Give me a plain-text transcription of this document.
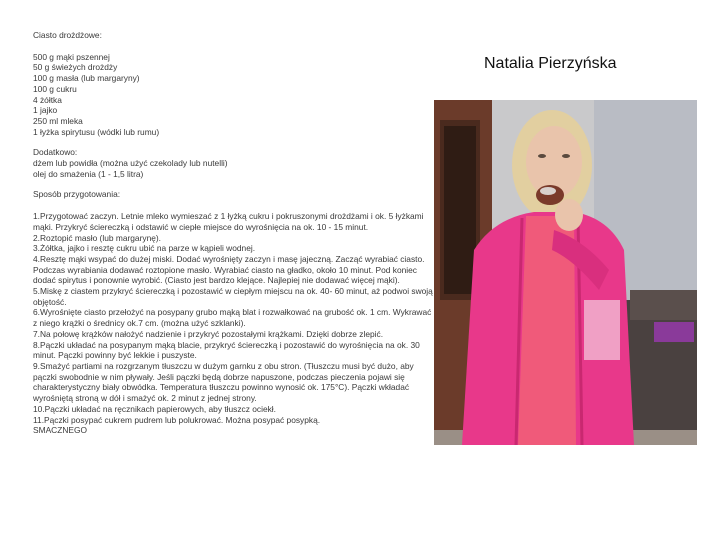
Ciasto drożdżowe:
500 g mąki pszennej
50 g świeżych drożdży
100 g masła (lub margaryny)
100 g cukru
4 żółtka
1 jajko
250 ml mleka
1 łyżka spirytusu (wódki lub rumu)
Dodatkowo:
dżem lub powidła (można użyć czekolady lub nutelli)
olej do smażenia (1 - 1,5 litra)
Sposób przygotowania:
1.Przygotować zaczyn. Letnie mleko wymieszać z 1 łyżką cukru i pokruszonymi drożdżami i ok. 5 łyżkami mąki. Przykryć ściereczką i odstawić w ciepłe miejsce do wyrośnięcia na ok. 10 - 15 minut.
2.Roztopić masło (lub margarynę).
3.Żółtka, jajko i resztę cukru ubić na parze w kąpieli wodnej.
4.Resztę mąki wsypać do dużej miski. Dodać wyrośnięty zaczyn i masę jajeczną. Zacząć wyrabiać ciasto. Podczas wyrabiania dodawać roztopione masło. Wyrabiać ciasto na gładko, około 10 minut. Pod koniec dodać spirytus i ponownie wyrobić. (Ciasto jest bardzo klejące. Najlepiej nie dodawać więcej mąki).
5.Miskę z ciastem przykryć ściereczką i pozostawić w ciepłym miejscu na ok. 40- 60 minut, aż podwoi swoją objętość.
6.Wyrośnięte ciasto przełożyć na posypany grubo mąką blat i rozwałkować na grubość ok. 1 cm. Wykrawać z niego krążki o średnicy ok.7 cm. (można użyć szklanki).
7.Na połowę krążków nałożyć nadzienie i przykryć pozostałymi krążkami. Dzięki dobrze zlepić.
8.Pączki układać na posypanym mąką blacie, przykryć ściereczką i pozostawić do wyrośnięcia na ok. 30 minut. Pączki powinny być lekkie i puszyste.
9.Smażyć partiami na rozgrzanym tłuszczu w dużym garnku z obu stron. (Tłuszczu musi być dużo, aby pączki swobodnie w nim pływały. Jeśli pączki będą dobrze napuszone, podczas pieczenia pojawi się charakterystyczny biały obwódka. Temperatura tłuszczu powinno wynosić ok. 175°C). Pączki wkładać wyrośniętą stroną w dół i smażyć ok. 2 minut z jednej strony.
10.Pączki układać na ręcznikach papierowych, aby tłuszcz ociekł.
11.Pączki posypać cukrem pudrem lub polukrować. Można posypać posypką.
SMACZNEGO
Natalia Pierzyńska
